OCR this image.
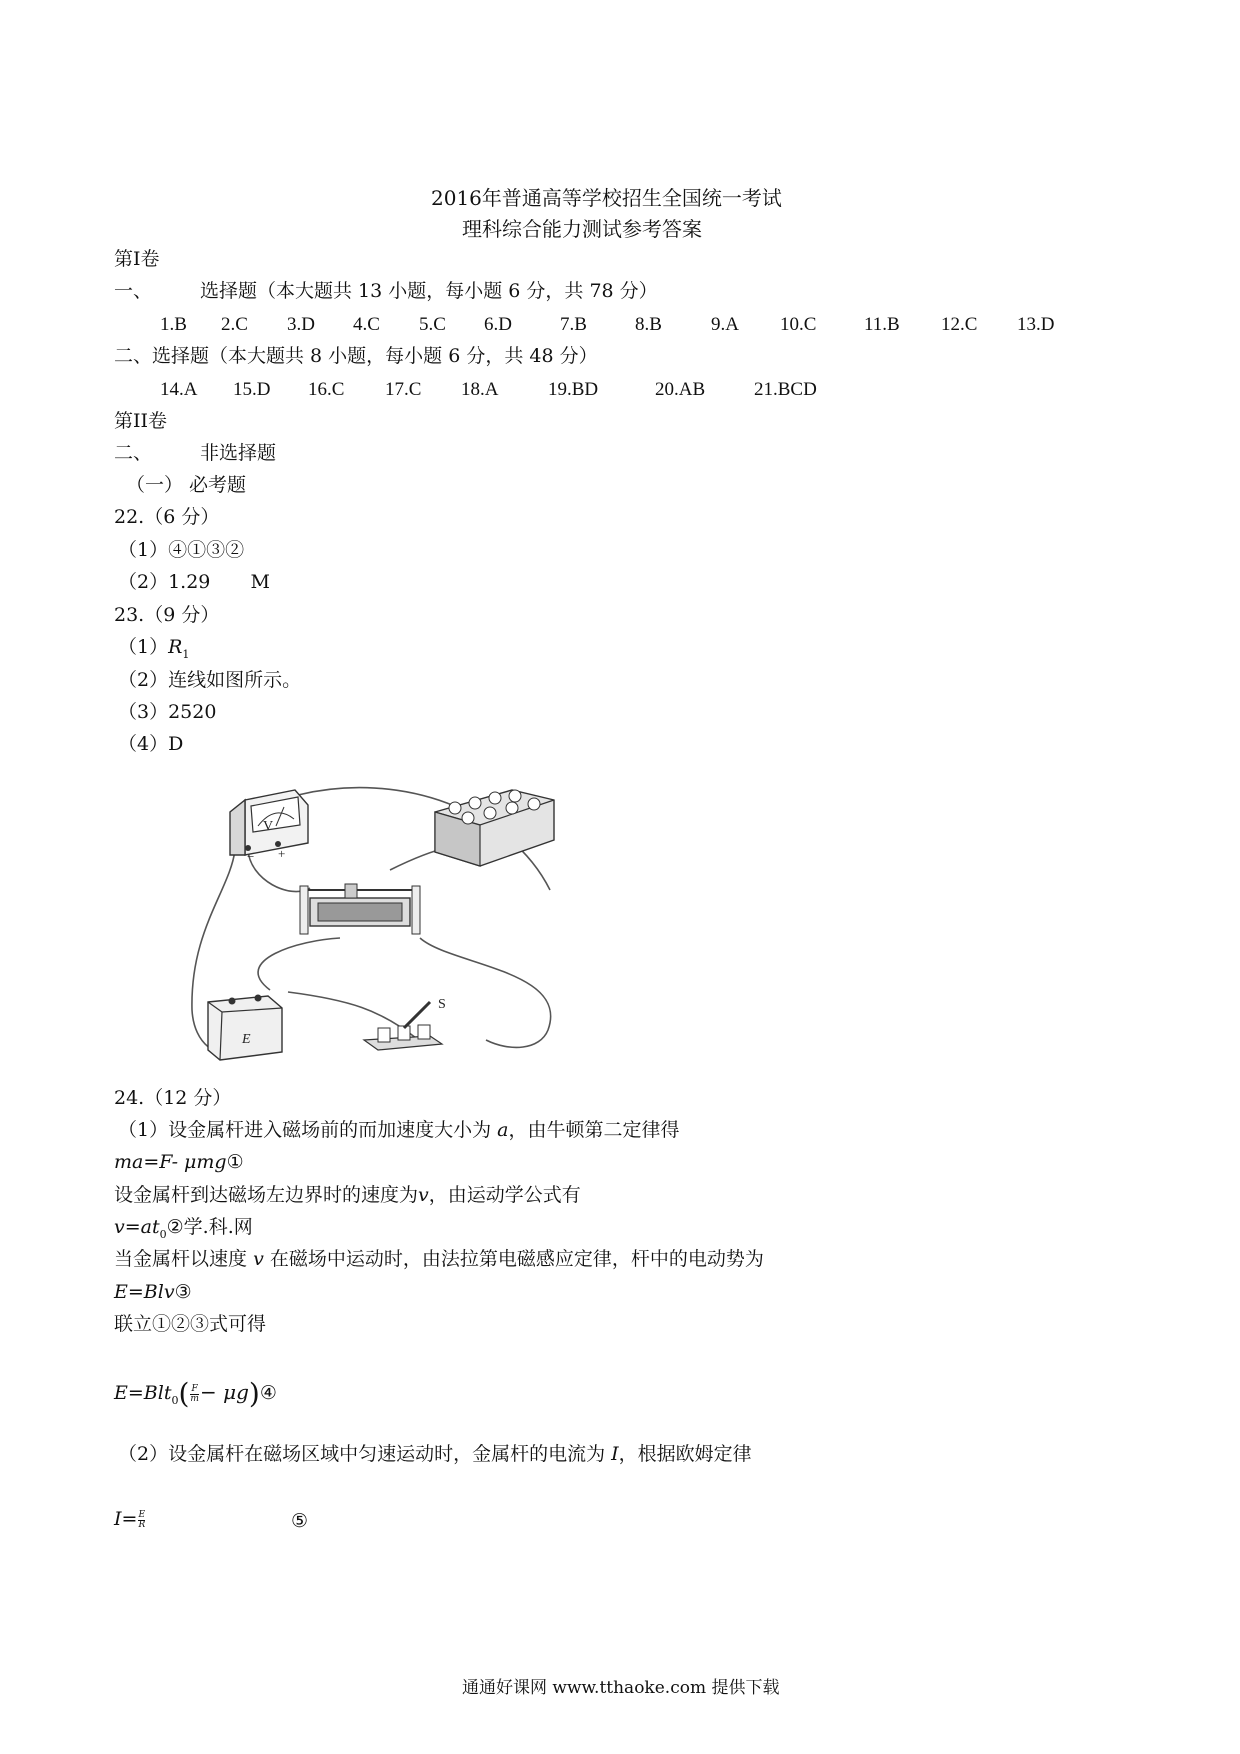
2016年普通高等学校招生全国统一考试
理科综合能力测试参考答案
第Ⅰ卷
一、	选择题（本大题共 13 小题，每小题 6 分，共 78 分）
1.B 2.C 3.D 4.C 5.C 6.D	7.B	8.B	9.A 10.C	11.B 12.C 13.D
二、选择题（本大题共 8 小题，每小题 6 分，共 48 分）
14.A 15.D 16.C 17.C 18.A	19.BD	20.AB	21.BCD
第II卷
二、	非选择题
（一） 必考题
22.（6 分）
（1）④①③②
（2）1.29 M
23.（9 分）
$(1)R_1$
（2）连线如图所示。
（3）2520
（4）D
V
− +
E
S
24.（12 分）
（1）设金属杆进入磁场前的而加速度大小为 a，由牛顿第二定律得
ma=F- μmg①
设金属杆到达磁场左边界时的速度为v，由运动学公式有
$v=at_0②$学.科.网
当金属杆以速度 v 在磁场中运动时，由法拉第电磁感应定律，杆中的电动势为
E=Blv③
联立①②③式可得
$E=Blt_0( \frac{F}{m}$ − μg)④
（2）设金属杆在磁场区域中匀速运动时，金属杆的电流为 I，根据欧姆定律
$I= \frac{E}{R}$	⑤
通通好课网 www.tthaoke.com 提供下载
